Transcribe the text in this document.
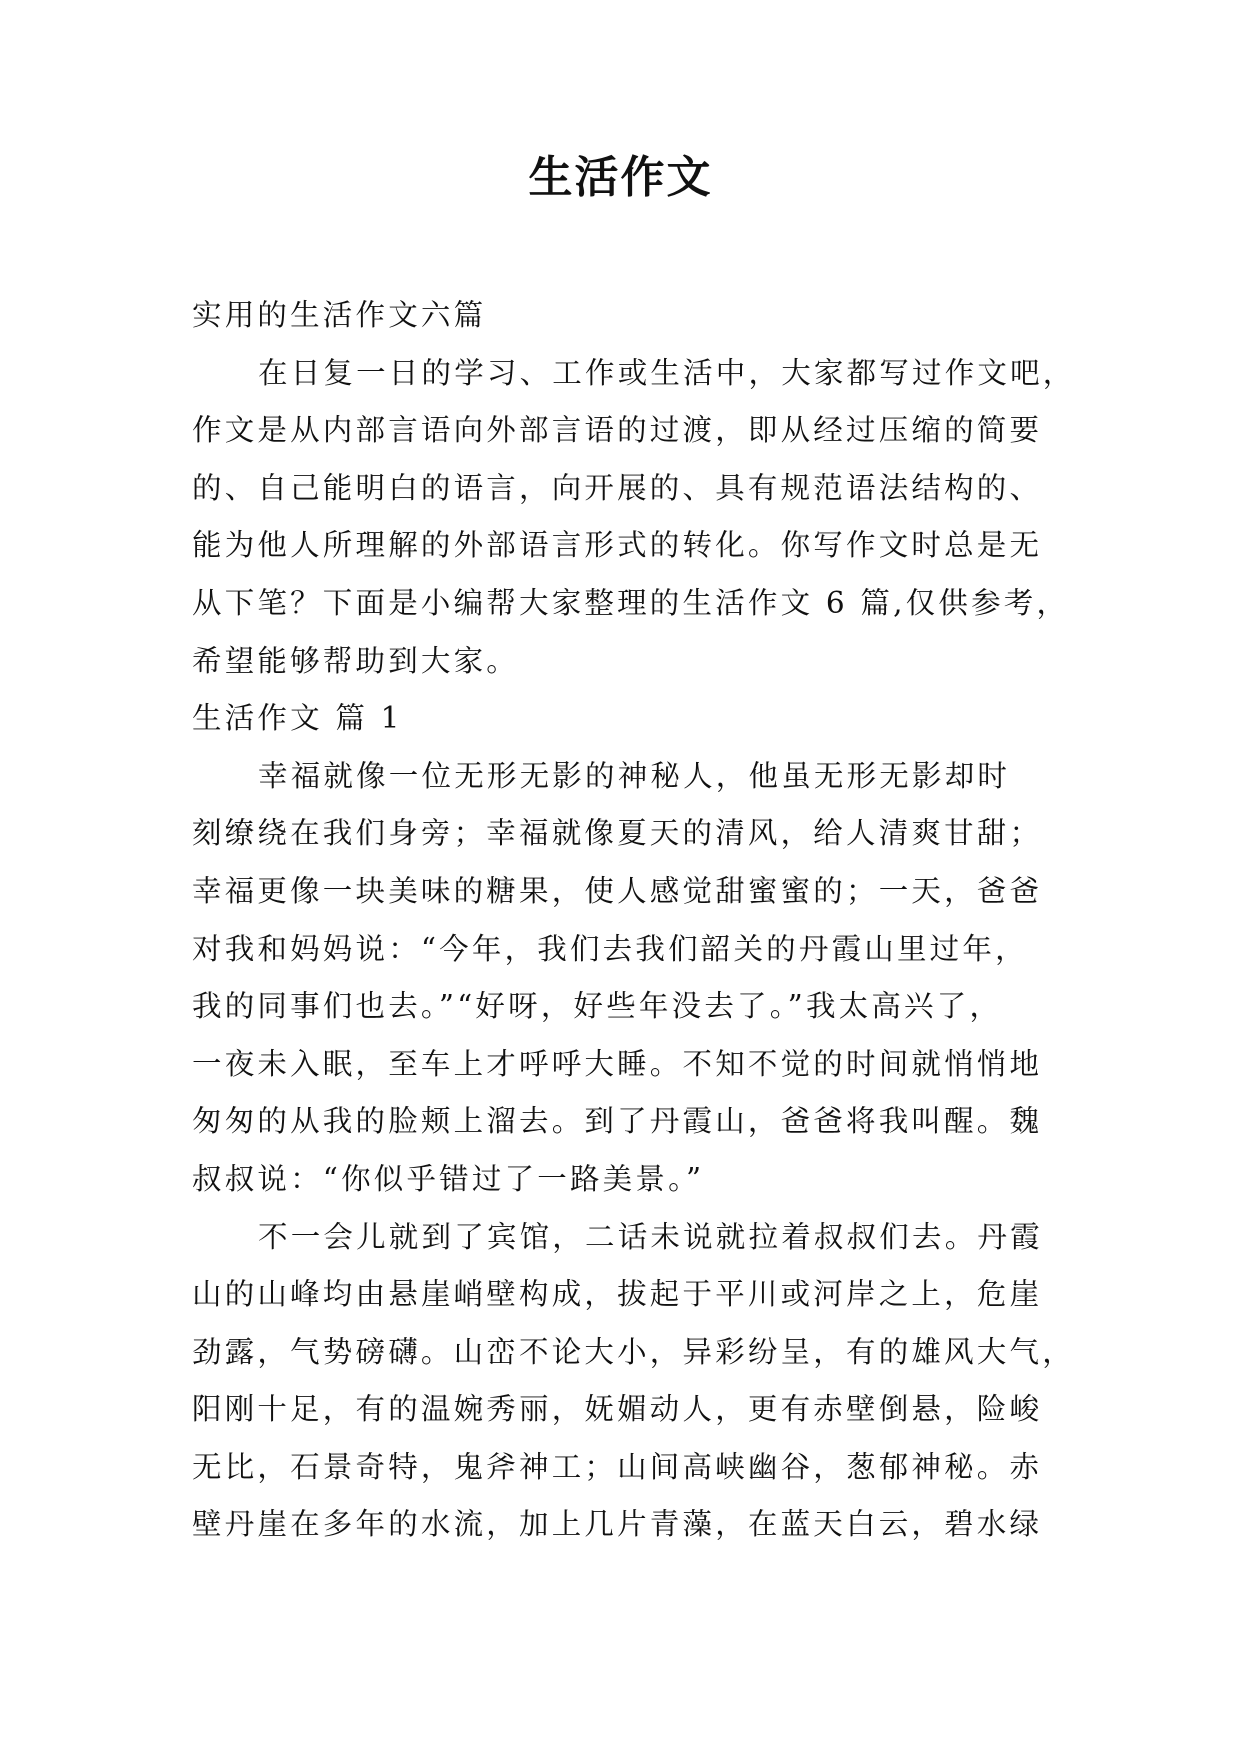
生活作文
实用的生活作文六篇
在日复一日的学习、工作或生活中，大家都写过作文吧，
作文是从内部言语向外部言语的过渡，即从经过压缩的简要
的、自己能明白的语言，向开展的、具有规范语法结构的、
能为他人所理解的外部语言形式的转化。你写作文时总是无
从下笔？下面是小编帮大家整理的生活作文 6 篇,仅供参考，
希望能够帮助到大家。
生活作文 篇 1
幸福就像一位无形无影的神秘人，他虽无形无影却时
刻缭绕在我们身旁；幸福就像夏天的清风，给人清爽甘甜；
幸福更像一块美味的糖果，使人感觉甜蜜蜜的；一天，爸爸
对我和妈妈说：“今年，我们去我们韶关的丹霞山里过年，
我的同事们也去。”“好呀，好些年没去了。”我太高兴了，
一夜未入眠，至车上才呼呼大睡。不知不觉的时间就悄悄地
匆匆的从我的脸颊上溜去。到了丹霞山，爸爸将我叫醒。魏
叔叔说：“你似乎错过了一路美景。”
不一会儿就到了宾馆，二话未说就拉着叔叔们去。丹霞
山的山峰均由悬崖峭壁构成，拔起于平川或河岸之上，危崖
劲露，气势磅礴。山峦不论大小，异彩纷呈，有的雄风大气，
阳刚十足，有的温婉秀丽，妩媚动人，更有赤壁倒悬，险峻
无比，石景奇特，鬼斧神工；山间高峡幽谷，葱郁神秘。赤
壁丹崖在多年的水流，加上几片青藻，在蓝天白云，碧水绿
